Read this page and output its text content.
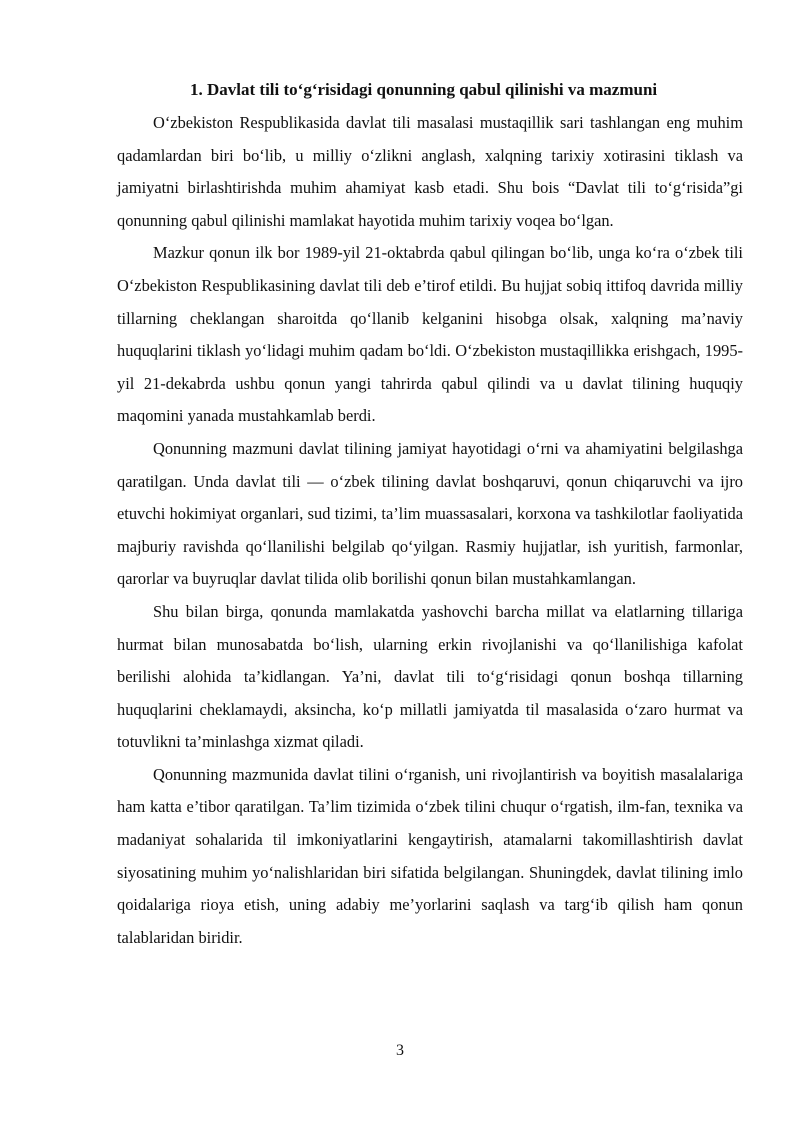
1. Davlat tili toʻgʻrisidagi qonunning qabul qilinishi va mazmuni

Oʻzbekiston Respublikasida davlat tili masalasi mustaqillik sari tashlangan eng muhim qadamlardan biri boʻlib, u milliy oʻzlikni anglash, xalqning tarixiy xotirasini tiklash va jamiyatni birlashtirishda muhim ahamiyat kasb etadi. Shu bois “Davlat tili toʻgʻrisida”gi qonunning qabul qilinishi mamlakat hayotida muhim tarixiy voqea boʻlgan.

Mazkur qonun ilk bor 1989-yil 21-oktabrda qabul qilingan boʻlib, unga koʻra oʻzbek tili Oʻzbekiston Respublikasining davlat tili deb e’tirof etildi. Bu hujjat sobiq ittifoq davrida milliy tillarning cheklangan sharoitda qoʻllanib kelganini hisobga olsak, xalqning ma’naviy huquqlarini tiklash yoʻlidagi muhim qadam boʻldi. Oʻzbekiston mustaqillikka erishgach, 1995-yil 21-dekabrda ushbu qonun yangi tahrirda qabul qilindi va u davlat tilining huquqiy maqomini yanada mustahkamlab berdi.

Qonunning mazmuni davlat tilining jamiyat hayotidagi oʻrni va ahamiyatini belgilashga qaratilgan. Unda davlat tili — oʻzbek tilining davlat boshqaruvi, qonun chiqaruvchi va ijro etuvchi hokimiyat organlari, sud tizimi, ta’lim muassasalari, korxona va tashkilotlar faoliyatida majburiy ravishda qoʻllanilishi belgilab qoʻyilgan. Rasmiy hujjatlar, ish yuritish, farmonlar, qarorlar va buyruqlar davlat tilida olib borilishi qonun bilan mustahkamlangan.

Shu bilan birga, qonunda mamlakatda yashovchi barcha millat va elatlarning tillariga hurmat bilan munosabatda boʻlish, ularning erkin rivojlanishi va qoʻllanilishiga kafolat berilishi alohida ta’kidlangan. Ya’ni, davlat tili toʻgʻrisidagi qonun boshqa tillarning huquqlarini cheklamaydi, aksincha, koʻp millatli jamiyatda til masalasida oʻzaro hurmat va totuvlikni ta’minlashga xizmat qiladi.

Qonunning mazmunida davlat tilini oʻrganish, uni rivojlantirish va boyitish masalalariga ham katta e’tibor qaratilgan. Ta’lim tizimida oʻzbek tilini chuqur oʻrgatish, ilm-fan, texnika va madaniyat sohalarida til imkoniyatlarini kengaytirish, atamalarni takomillashtirish davlat siyosatining muhim yoʻnalishlaridan biri sifatida belgilangan. Shuningdek, davlat tilining imlo qoidalariga rioya etish, uning adabiy me’yorlarini saqlash va targʻib qilish ham qonun talablaridan biridir.

3
